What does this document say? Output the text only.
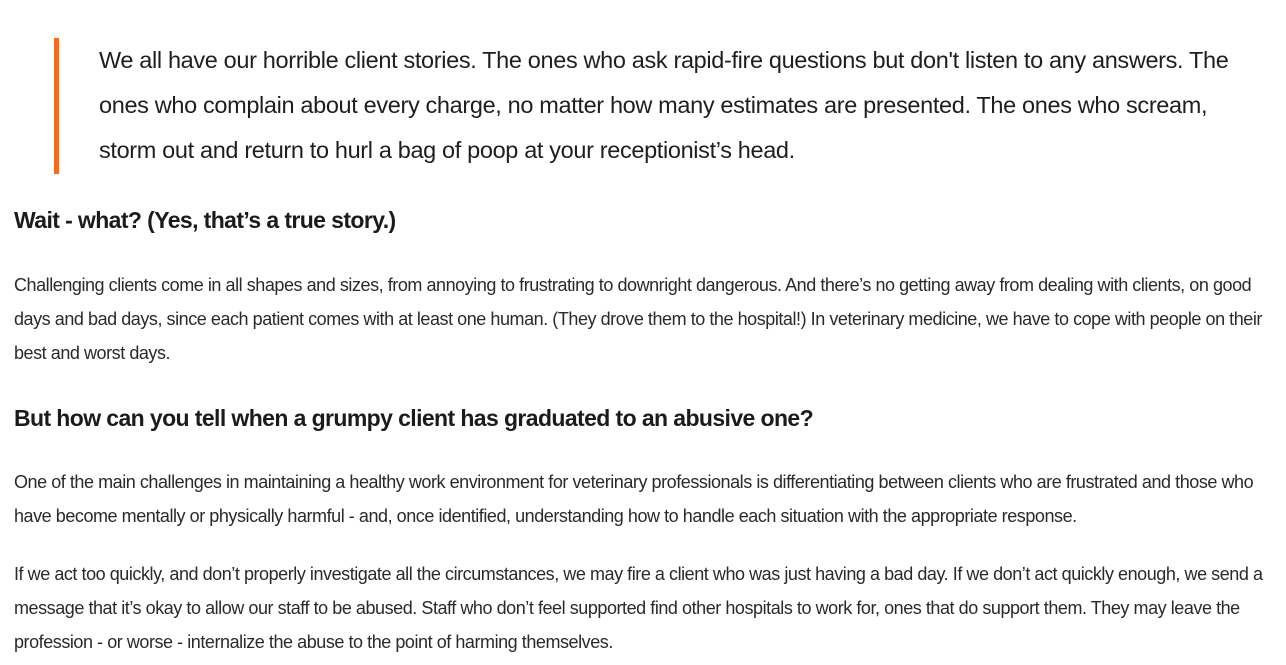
We all have our horrible client stories. The ones who ask rapid-fire questions but don't listen to any answers. The ones who complain about every charge, no matter how many estimates are presented. The ones who scream, storm out and return to hurl a bag of poop at your receptionist’s head.

Wait - what? (Yes, that’s a true story.)

Challenging clients come in all shapes and sizes, from annoying to frustrating to downright dangerous. And there’s no getting away from dealing with clients, on good days and bad days, since each patient comes with at least one human. (They drove them to the hospital!) In veterinary medicine, we have to cope with people on their best and worst days.

But how can you tell when a grumpy client has graduated to an abusive one?

One of the main challenges in maintaining a healthy work environment for veterinary professionals is differentiating between clients who are frustrated and those who have become mentally or physically harmful - and, once identified, understanding how to handle each situation with the appropriate response.

If we act too quickly, and don’t properly investigate all the circumstances, we may fire a client who was just having a bad day. If we don’t act quickly enough, we send a message that it’s okay to allow our staff to be abused. Staff who don’t feel supported find other hospitals to work for, ones that do support them. They may leave the profession - or worse - internalize the abuse to the point of harming themselves.
